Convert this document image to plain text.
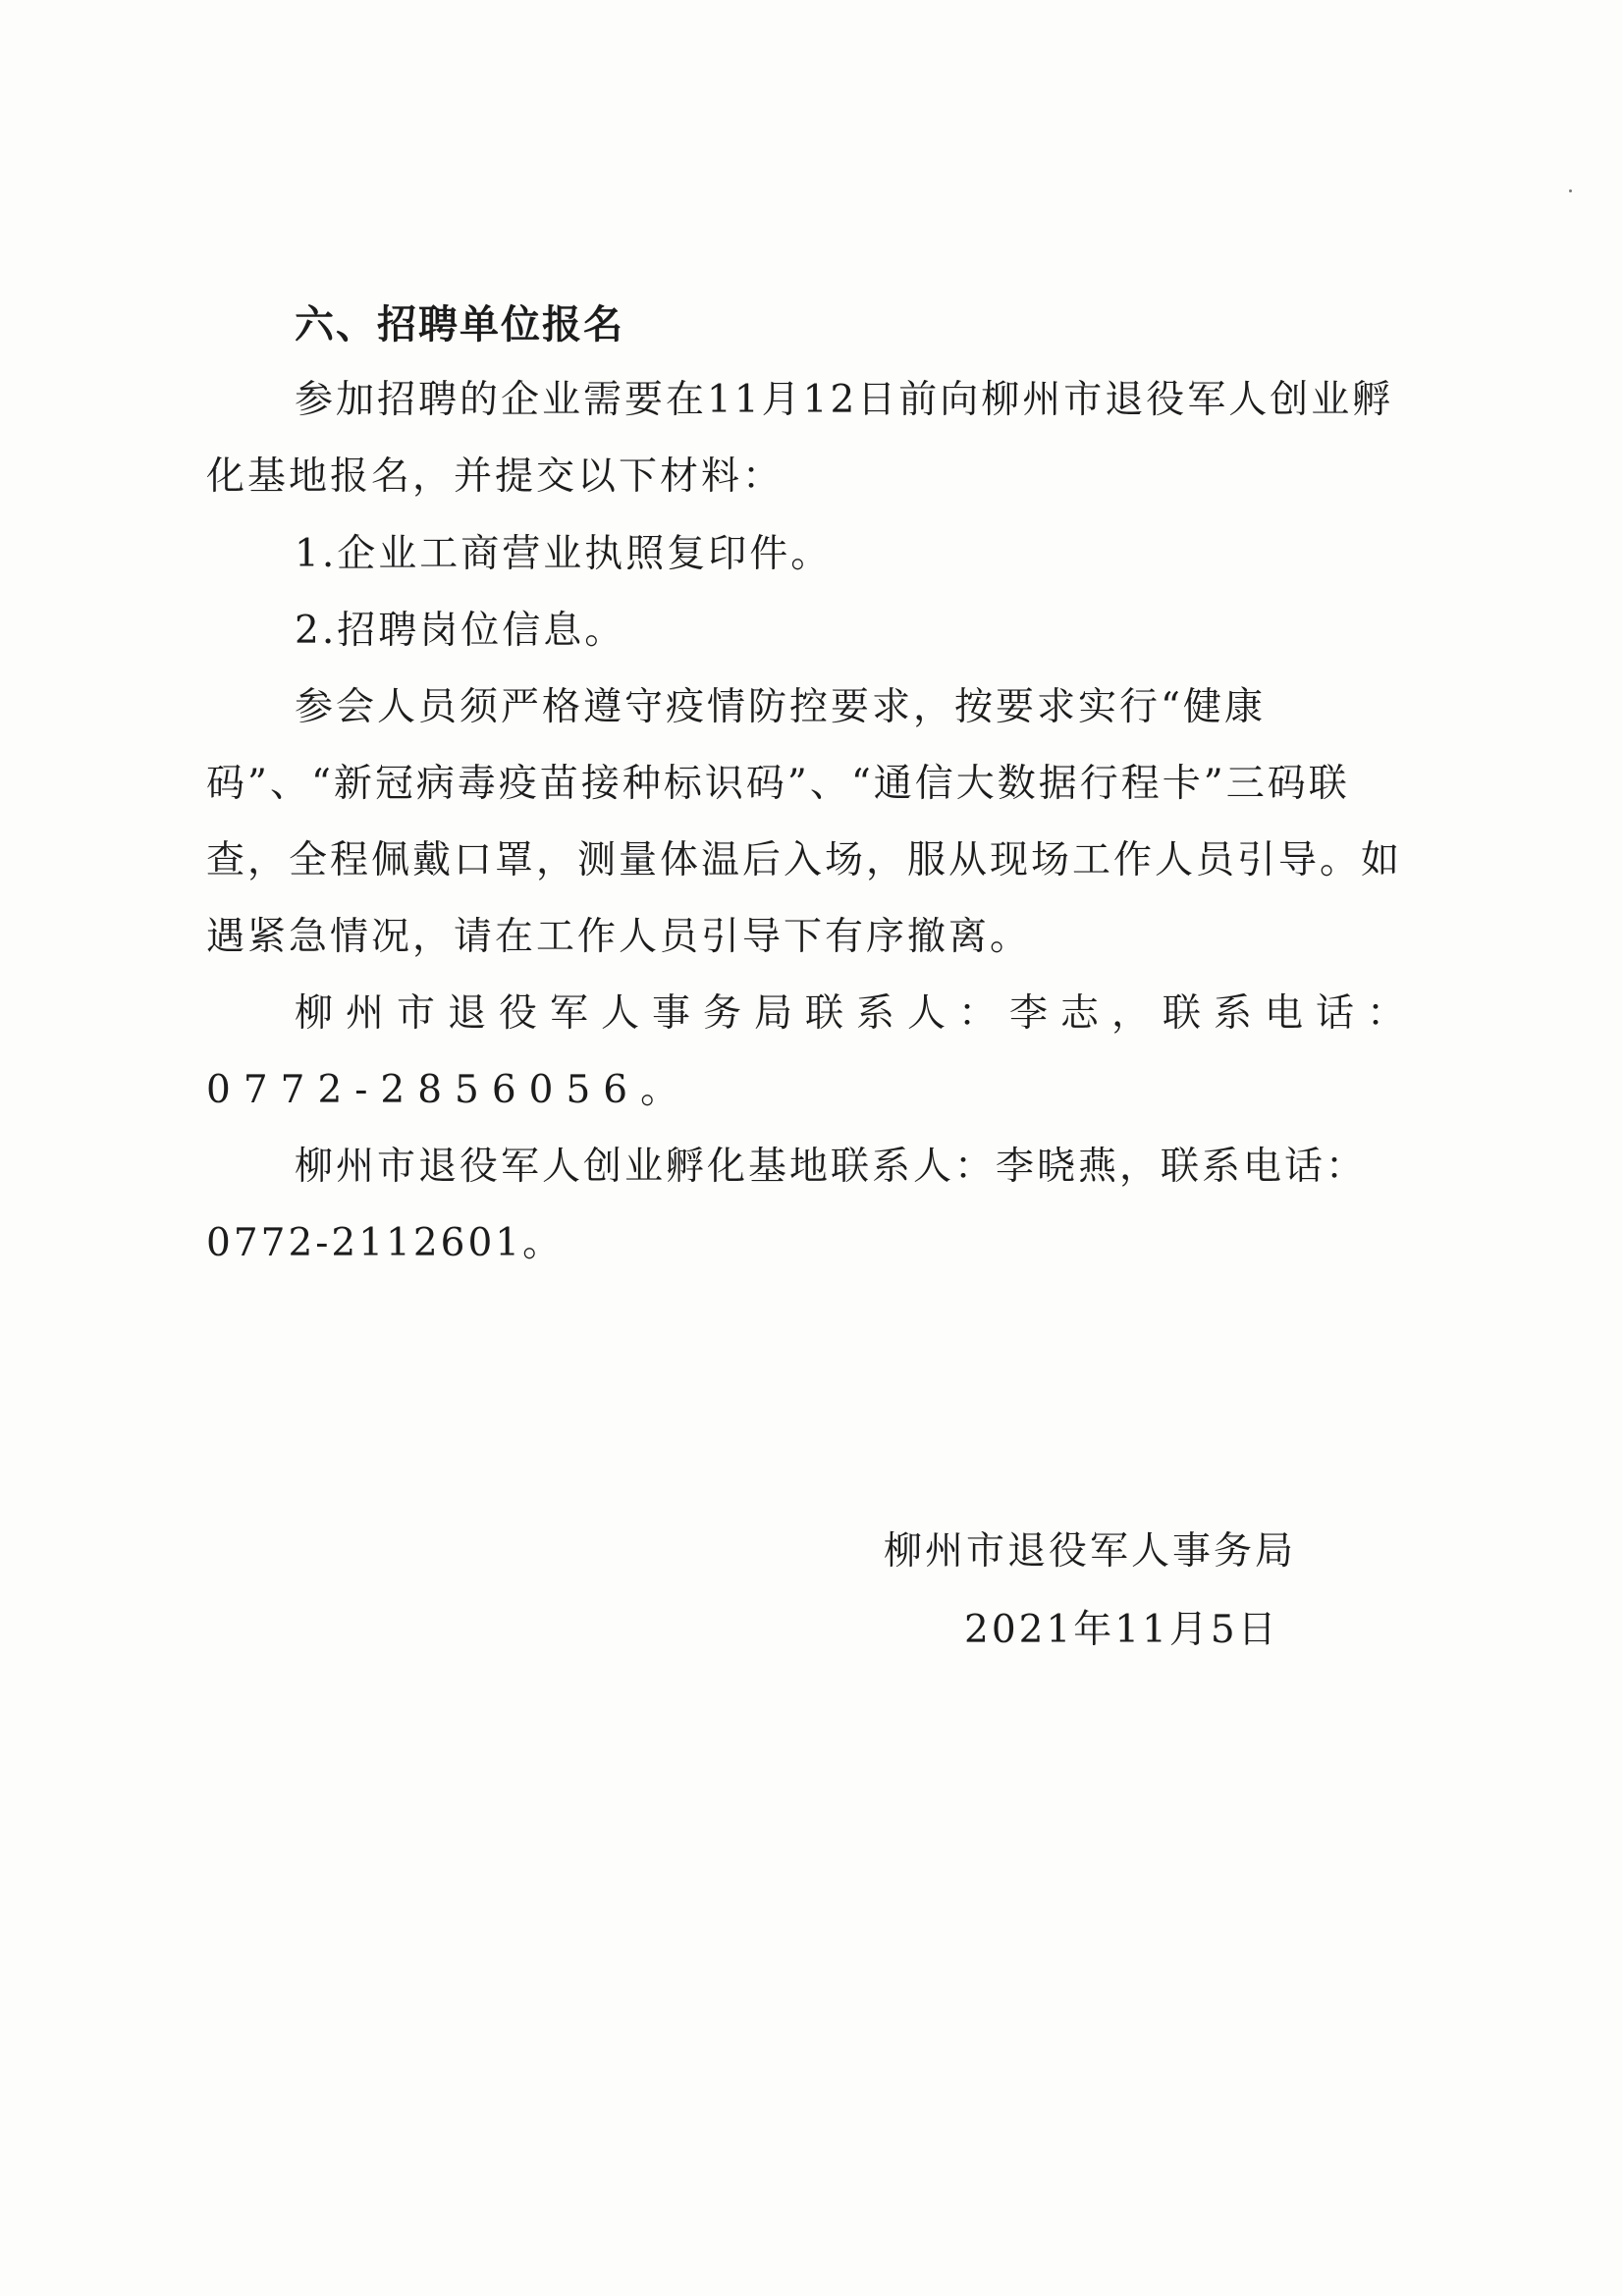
六、招聘单位报名

参加招聘的企业需要在11月12日前向柳州市退役军人创业孵化基地报名，并提交以下材料：

1.企业工商营业执照复印件。

2.招聘岗位信息。

参会人员须严格遵守疫情防控要求，按要求实行“健康码”、“新冠病毒疫苗接种标识码”、“通信大数据行程卡”三码联查，全程佩戴口罩，测量体温后入场，服从现场工作人员引导。如遇紧急情况，请在工作人员引导下有序撤离。

柳州市退役军人事务局联系人：李志，联系电话：0772-2856056。

柳州市退役军人创业孵化基地联系人：李晓燕，联系电话：0772-2112601。

柳州市退役军人事务局
2021年11月5日
